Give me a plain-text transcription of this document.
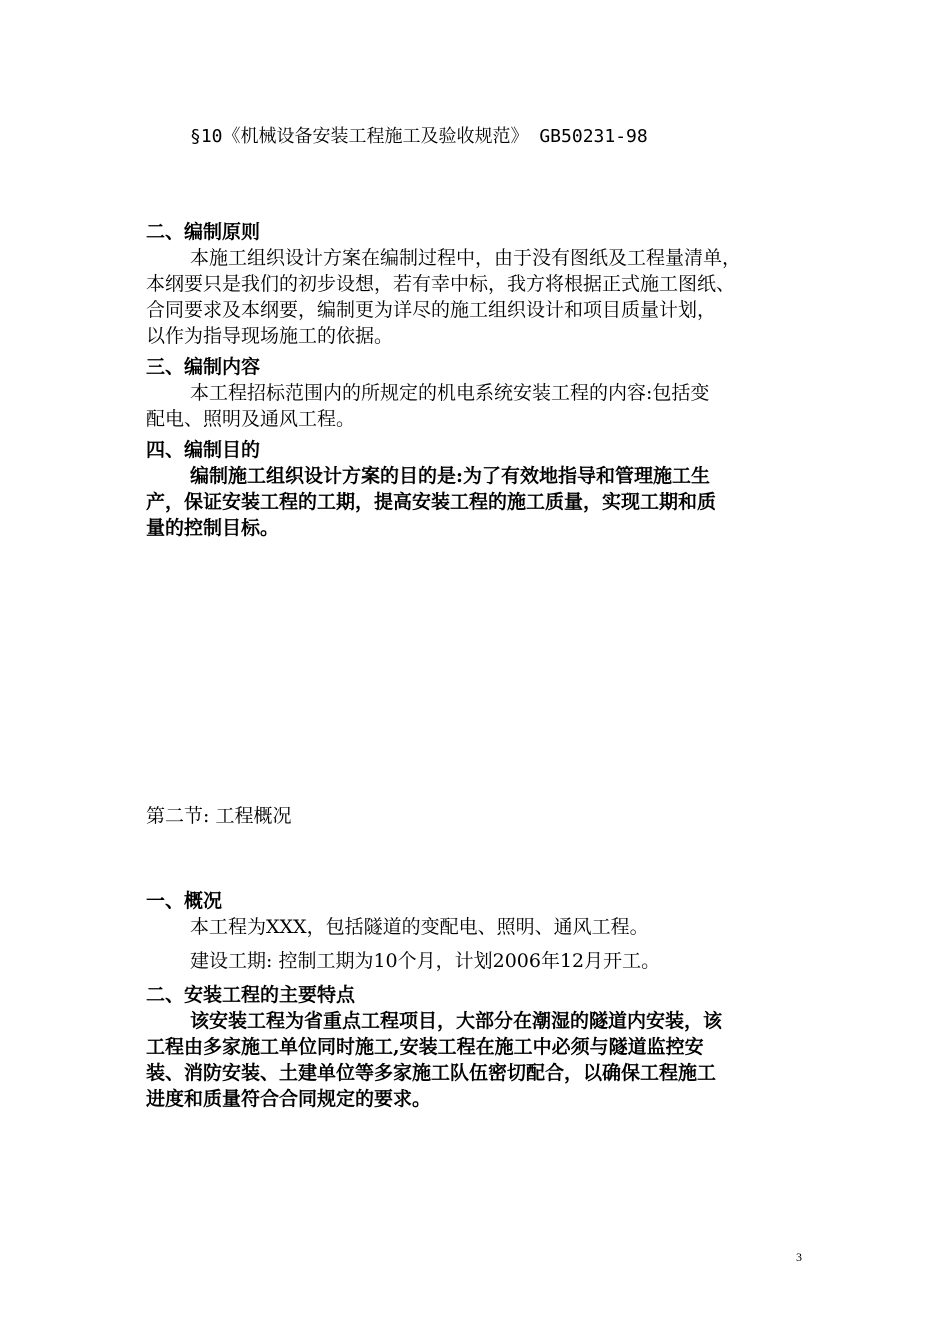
§10《机械设备安装工程施工及验收规范》 GB50231-98
二、编制原则
本施工组织设计方案在编制过程中，由于没有图纸及工程量清单，
本纲要只是我们的初步设想，若有幸中标，我方将根据正式施工图纸、
合同要求及本纲要，编制更为详尽的施工组织设计和项目质量计划，
以作为指导现场施工的依据。
三、编制内容
本工程招标范围内的所规定的机电系统安装工程的内容:包括变
配电、照明及通风工程。
四、编制目的
编制施工组织设计方案的目的是:为了有效地指导和管理施工生
产，保证安装工程的工期，提高安装工程的施工质量，实现工期和质
量的控制目标。
第二节: 工程概况
一、概况
本工程为XXX，包括隧道的变配电、照明、通风工程。
建设工期: 控制工期为10个月，计划2006年12月开工。
二、安装工程的主要特点
该安装工程为省重点工程项目，大部分在潮湿的隧道内安装，该
工程由多家施工单位同时施工,安装工程在施工中必须与隧道监控安
装、消防安装、土建单位等多家施工队伍密切配合，以确保工程施工
进度和质量符合合同规定的要求。
3
